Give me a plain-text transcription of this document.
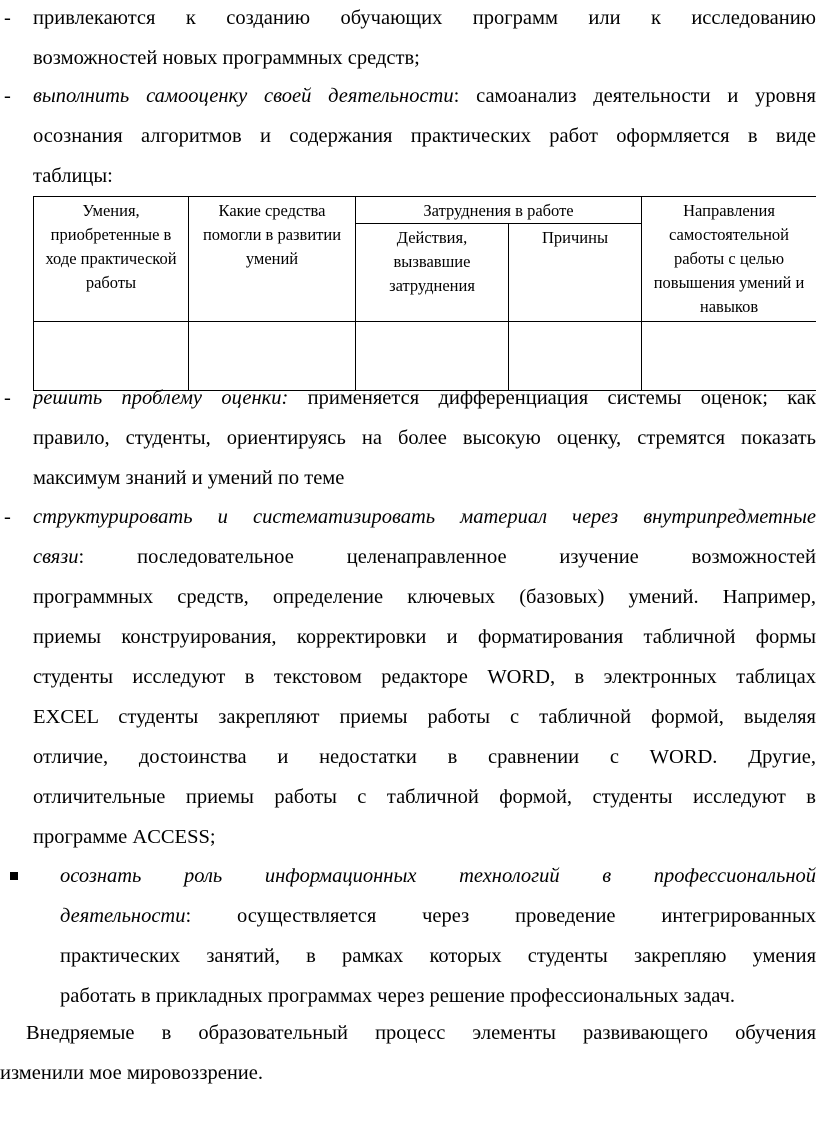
-	привлекаются к созданию обучающих программ или к исследованию
возможностей новых программных средств;
-	выполнить самооценку своей деятельности: самоанализ деятельности и уровня
осознания алгоритмов и содержания практических работ оформляется в виде
таблицы:
Умения, приобретенные в ходе практической работы	Какие средства помогли в развитии умений	Затруднения в работе		Направления самостоятельной работы с целью повышения умений и навыков
		Действия, вызвавшие затруднения	Причины	

-	решить проблему оценки: применяется дифференциация системы оценок; как
правило, студенты, ориентируясь на более высокую оценку, стремятся показать
максимум знаний и умений по теме
-	структурировать и систематизировать материал через внутрипредметные
связи: последовательное целенаправленное изучение возможностей
программных средств, определение ключевых (базовых) умений. Например,
приемы конструирования, корректировки и форматирования табличной формы
студенты исследуют в текстовом редакторе WORD, в электронных таблицах
EXCEL студенты закрепляют приемы работы с табличной формой, выделяя
отличие, достоинства и недостатки в сравнении с WORD. Другие,
отличительные приемы работы с табличной формой, студенты исследуют в
программе ACCESS;
осознать роль информационных технологий в профессиональной
деятельности: осуществляется через проведение интегрированных
практических занятий, в рамках которых студенты закрепляю умения
работать в прикладных программах через решение профессиональных задач.
Внедряемые в образовательный процесс элементы развивающего обучения
изменили мое мировоззрение.
